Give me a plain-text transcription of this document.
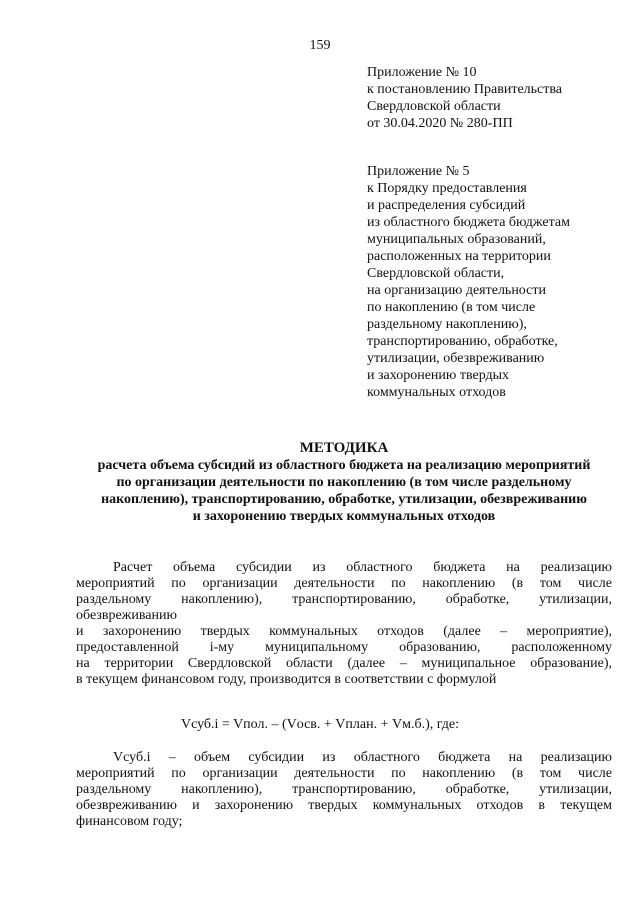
159
Приложение № 10
к постановлению Правительства
Свердловской области
от 30.04.2020 № 280-ПП
Приложение № 5
к Порядку предоставления
и распределения субсидий
из областного бюджета бюджетам
муниципальных образований,
расположенных на территории
Свердловской области,
на организацию деятельности
по накоплению (в том числе
раздельному накоплению),
транспортированию, обработке,
утилизации, обезвреживанию
и захоронению твердых
коммунальных отходов
МЕТОДИКА
расчета объема субсидий из областного бюджета на реализацию мероприятий
по организации деятельности по накоплению (в том числе раздельному
накоплению), транспортированию, обработке, утилизации, обезвреживанию
и захоронению твердых коммунальных отходов
Расчет объема субсидии из областного бюджета на реализацию
мероприятий по организации деятельности по накоплению (в том числе
раздельному накоплению), транспортированию, обработке, утилизации,
обезвреживанию
и захоронению твердых коммунальных отходов (далее – мероприятие),
предоставленной i-му муниципальному образованию, расположенному
на территории Свердловской области (далее – муниципальное образование),
в текущем финансовом году, производится в соответствии с формулой
Vсуб.i = Vпол. – (Vосв. + Vплан. + Vм.б.), где:
Vсуб.i – объем субсидии из областного бюджета на реализацию
мероприятий по организации деятельности по накоплению (в том числе
раздельному накоплению), транспортированию, обработке, утилизации,
обезвреживанию и захоронению твердых коммунальных отходов в текущем
финансовом году;
